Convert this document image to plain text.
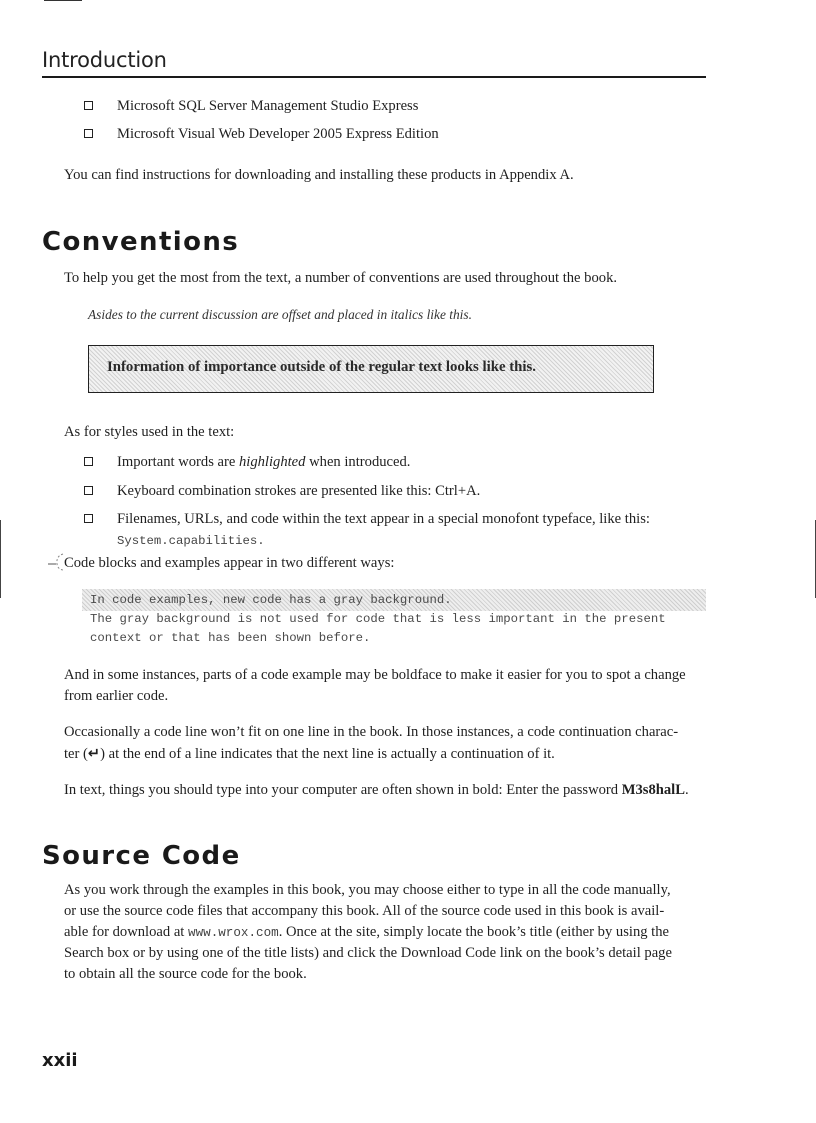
Introduction
Microsoft SQL Server Management Studio Express
Microsoft Visual Web Developer 2005 Express Edition
You can find instructions for downloading and installing these products in Appendix A.
Conventions
To help you get the most from the text, a number of conventions are used throughout the book.
Asides to the current discussion are offset and placed in italics like this.
Information of importance outside of the regular text looks like this.
As for styles used in the text:
Important words are highlighted when introduced.
Keyboard combination strokes are presented like this: Ctrl+A.
Filenames, URLs, and code within the text appear in a special monofont typeface, like this:
System.capabilities.
Code blocks and examples appear in two different ways:
In code examples, new code has a gray background.
The gray background is not used for code that is less important in the present
context or that has been shown before.
And in some instances, parts of a code example may be boldface to make it easier for you to spot a change from earlier code.
Occasionally a code line won’t fit on one line in the book. In those instances, a code continuation charac-
ter (↵) at the end of a line indicates that the next line is actually a continuation of it.
In text, things you should type into your computer are often shown in bold: Enter the password M3s8halL.
Source Code
As you work through the examples in this book, you may choose either to type in all the code manually,
or use the source code files that accompany this book. All of the source code used in this book is avail-
able for download at www.wrox.com. Once at the site, simply locate the book’s title (either by using the
Search box or by using one of the title lists) and click the Download Code link on the book’s detail page
to obtain all the source code for the book.
xxii
